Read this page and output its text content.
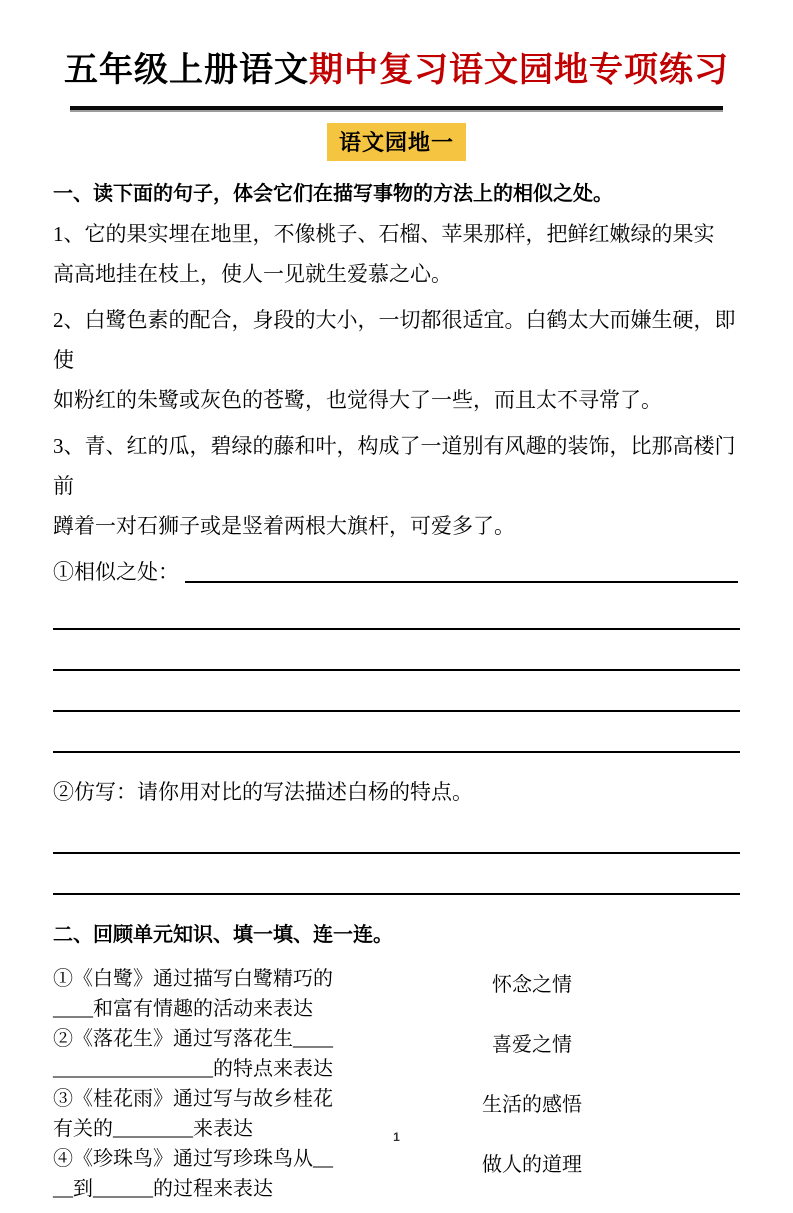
五年级上册语文期中复习语文园地专项练习
语文园地一
一、读下面的句子，体会它们在描写事物的方法上的相似之处。

1、它的果实埋在地里，不像桃子、石榴、苹果那样，把鲜红嫩绿的果实
高高地挂在枝上，使人一见就生爱慕之心。

2、白鹭色素的配合，身段的大小，一切都很适宜。白鹤太大而嫌生硬，即使
如粉红的朱鹭或灰色的苍鹭，也觉得大了一些，而且太不寻常了。

3、青、红的瓜，碧绿的藤和叶，构成了一道别有风趣的装饰，比那高楼门前
蹲着一对石狮子或是竖着两根大旗杆，可爱多了。

①相似之处：
②仿写：请你用对比的写法描述白杨的特点。
二、回顾单元知识、填一填、连一连。
①《白鹭》通过描写白鹭精巧的
____和富有情趣的活动来表达
②《落花生》通过写落花生____
________________的特点来表达
③《桂花雨》通过写与故乡桂花
有关的________来表达
④《珍珠鸟》通过写珍珠鸟从__
__到______的过程来表达
怀念之情
喜爱之情
生活的感悟
做人的道理
1
